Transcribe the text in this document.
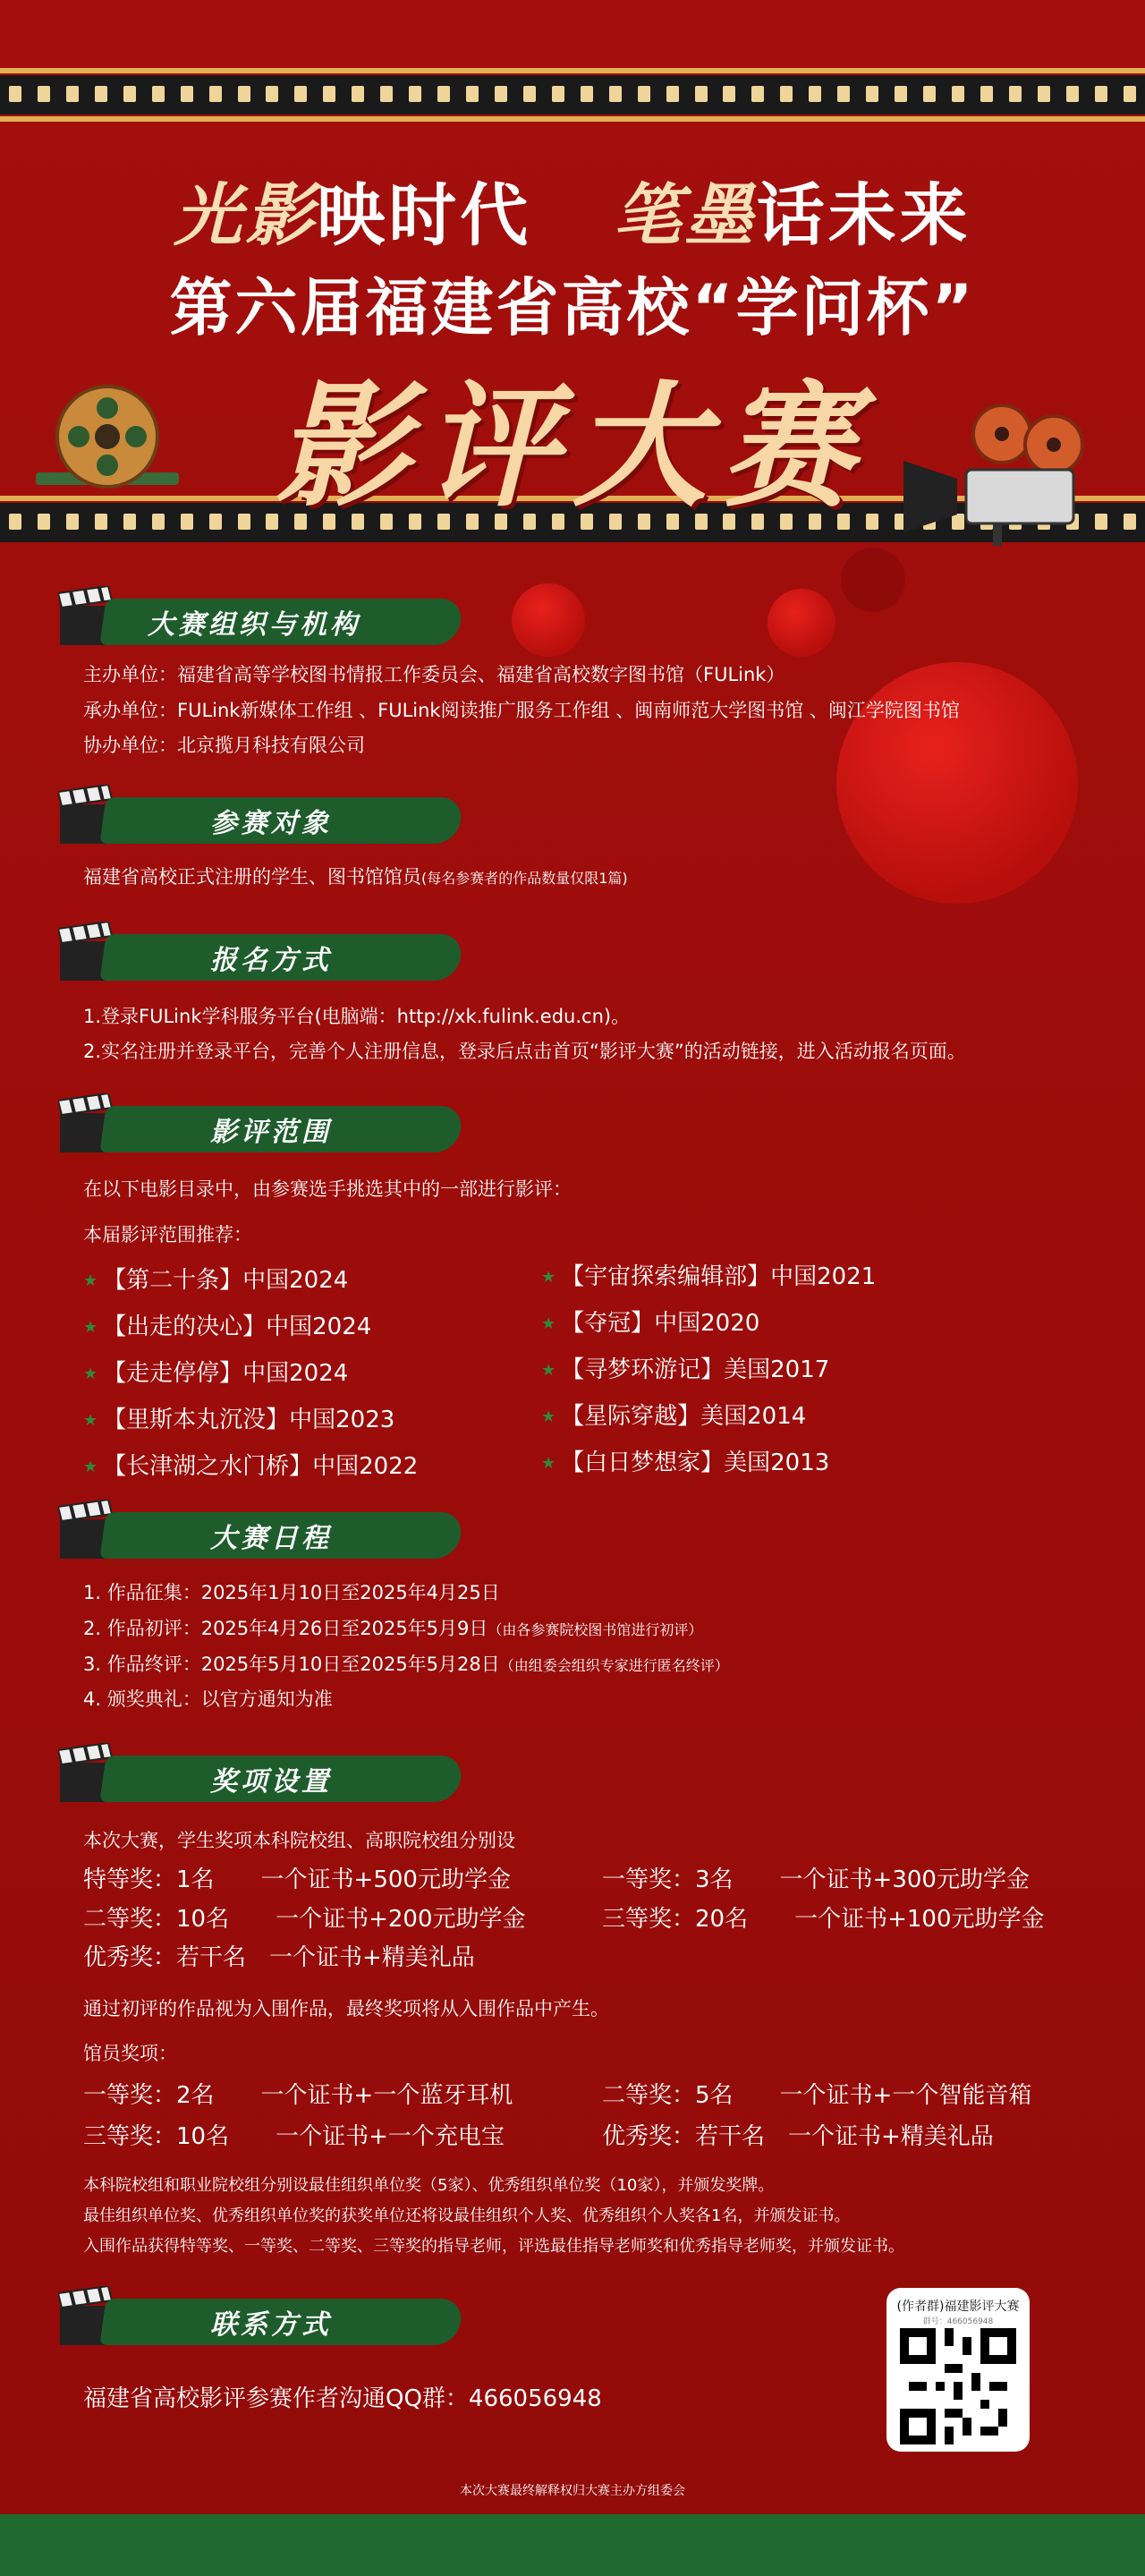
光影映时代 笔墨话未来
第六届福建省高校“学问杯”
影评大赛
大赛组织与机构
主办单位：福建省高等学校图书情报工作委员会、福建省高校数字图书馆（FULink）
承办单位：FULink新媒体工作组 、FULink阅读推广服务工作组 、闽南师范大学图书馆 、闽江学院图书馆
协办单位：北京揽月科技有限公司
参赛对象
福建省高校正式注册的学生、图书馆馆员(每名参赛者的作品数量仅限1篇)
报名方式
1.登录FULink学科服务平台(电脑端：http://xk.fulink.edu.cn)。
2.实名注册并登录平台，完善个人注册信息，登录后点击首页“影评大赛”的活动链接，进入活动报名页面。
影评范围
在以下电影目录中，由参赛选手挑选其中的一部进行影评：
本届影评范围推荐：
★ 【第二十条】中国2024
★ 【出走的决心】中国2024
★ 【走走停停】中国2024
★ 【里斯本丸沉没】中国2023
★ 【长津湖之水门桥】中国2022
★ 【宇宙探索编辑部】中国2021
★ 【夺冠】中国2020
★ 【寻梦环游记】美国2017
★ 【星际穿越】美国2014
★ 【白日梦想家】美国2013
大赛日程
1. 作品征集：2025年1月10日至2025年4月25日
2. 作品初评：2025年4月26日至2025年5月9日（由各参赛院校图书馆进行初评）
3. 作品终评：2025年5月10日至2025年5月28日（由组委会组织专家进行匿名终评）
4. 颁奖典礼：以官方通知为准
奖项设置
本次大赛，学生奖项本科院校组、高职院校组分别设
特等奖：1名　　一个证书+500元助学金	一等奖：3名　　一个证书+300元助学金
二等奖：10名　　一个证书+200元助学金	三等奖：20名　　一个证书+100元助学金
优秀奖：若干名　一个证书+精美礼品
通过初评的作品视为入围作品，最终奖项将从入围作品中产生。
馆员奖项：
一等奖：2名　　一个证书+一个蓝牙耳机	二等奖：5名　　一个证书+一个智能音箱
三等奖：10名　　一个证书+一个充电宝	优秀奖：若干名　一个证书+精美礼品
本科院校组和职业院校组分别设最佳组织单位奖（5家）、优秀组织单位奖（10家），并颁发奖牌。
最佳组织单位奖、优秀组织单位奖的获奖单位还将设最佳组织个人奖、优秀组织个人奖各1名，并颁发证书。
入围作品获得特等奖、一等奖、二等奖、三等奖的指导老师，评选最佳指导老师奖和优秀指导老师奖，并颁发证书。
联系方式
福建省高校影评参赛作者沟通QQ群：466056948
(作者群)福建影评大赛
群号：466056948
本次大赛最终解释权归大赛主办方组委会
